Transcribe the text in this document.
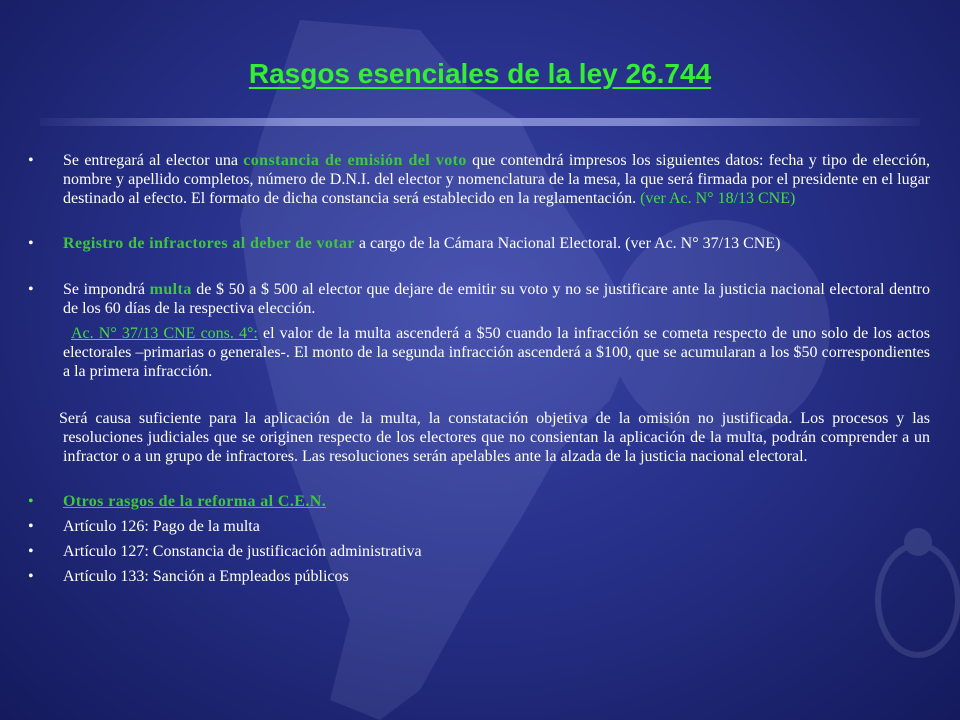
Rasgos esenciales de la ley 26.744
• Se entregará al elector una constancia de emisión del voto que contendrá impresos los siguientes datos: fecha y tipo de elección, nombre y apellido completos, número de D.N.I. del elector y nomenclatura de la mesa, la que será firmada por el presidente en el lugar destinado al efecto. El formato de dicha constancia será establecido en la reglamentación. (ver Ac. N° 18/13 CNE)
• Registro de infractores al deber de votar a cargo de la Cámara Nacional Electoral. (ver Ac. N° 37/13 CNE)
• Se impondrá multa de $ 50 a $ 500 al elector que dejare de emitir su voto y no se justificare ante la justicia nacional electoral dentro de los 60 días de la respectiva elección.
Ac. N° 37/13 CNE cons. 4°: el valor de la multa ascenderá a $50 cuando la infracción se cometa respecto de uno solo de los actos electorales –primarias o generales-. El monto de la segunda infracción ascenderá a $100, que se acumularan a los $50 correspondientes a la primera infracción.
Será causa suficiente para la aplicación de la multa, la constatación objetiva de la omisión no justificada. Los procesos y las resoluciones judiciales que se originen respecto de los electores que no consientan la aplicación de la multa, podrán comprender a un infractor o a un grupo de infractores. Las resoluciones serán apelables ante la alzada de la justicia nacional electoral.
• Otros rasgos de la reforma al C.E.N.
• Artículo 126: Pago de la multa
• Artículo 127: Constancia de justificación administrativa
• Artículo 133: Sanción a Empleados públicos
